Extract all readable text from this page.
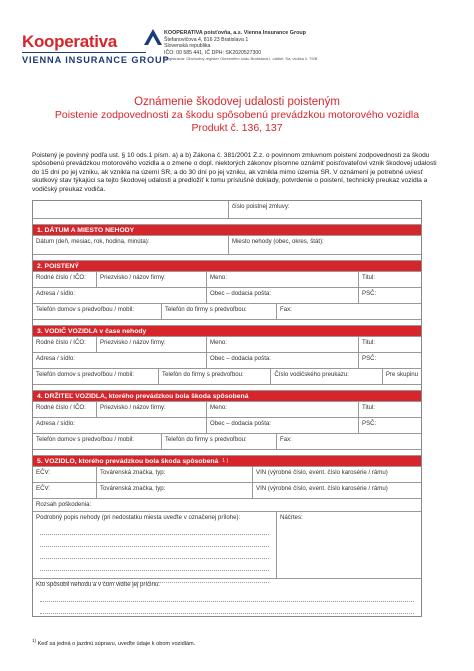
Kooperativa
VIENNA INSURANCE GROUP
KOOPERATIVA poisťovňa, a.s. Vienna Insurance Group
Štefanovičova 4, 816 23 Bratislava 1
Slovenská republika
IČO: 00 585 441, IČ DPH: SK2020527300
Registrácia: Obchodný register Okresného súdu Bratislava I, oddiel: Sa, vložka č. 79/B
Oznámenie škodovej udalosti poisteným
Poistenie zodpovednosti za škodu spôsobenú prevádzkou motorového vozidla
Produkt č. 136, 137
Poistený je povinný podľa ust. § 10 ods.1 písm. a) a b) Zákona č. 381/2001 Z.z. o povinnom zmluvnom poistení zodpovednosti za škodu spôsobenú prevádzkou motorového vozidla a o zmene o dopl. niektorých zákonov písomne oznámiť poisťovateľovi vznik škodovej udalosti do 15 dní po jej vzniku, ak vznikla na území SR, a do 30 dní po jej vzniku, ak vznikla mimo územia SR. V oznámení je potrebné uviesť skutkový stav týkajúci sa tejto škodovej udalosti a predložiť k tomu príslušné doklady, potvrdenie o poistení, technický preukaz vozidla a vodičský preukaz vodiča.
číslo poistnej zmluvy:
1. DÁTUM A MIESTO NEHODY
Dátum (deň, mesiac, rok, hodina, minúta):	Miesto nehody (obec, okres, štát):
2. POISTENÝ
Rodné číslo / IČO:	Priezvisko / názov firmy:	Meno:	Titul:
Adresa / sídlo:	Obec – dodacia pošta:	PSČ:
Telefón domov s predvoľbou / mobil:	Telefón do firmy s predvoľbou:	Fax:
3. VODIČ VOZIDLA v čase nehody
Rodné číslo / IČO:	Priezvisko / názov firmy:	Meno:	Titul:
Adresa / sídlo:	Obec – dodacia pošta:	PSČ:
Telefón domov s predvoľbou / mobil:	Telefón do firmy s predvoľbou:	Číslo vodičského preukazu:	Pre skupinu
4. DRŽITEĽ VOZIDLA, ktorého prevádzkou bola škoda spôsobená
Rodné číslo / IČO:	Priezvisko / názov firmy:	Meno:	Titul:
Adresa / sídlo:	Obec – dodacia pošta:	PSČ:
Telefón domov s predvoľbou / mobil:	Telefón do firmy s predvoľbou:	Fax:
5. VOZIDLO, ktorého prevádzkou bola škoda spôsobená $^{1 )}$
EČV:	Továrenská značka, typ:	VIN (výrobné číslo, event. číslo karosérie / rámu)
EČV:	Továrenská značka, typ:	VIN (výrobné číslo, event. číslo karosérie / rámu)
Rozsah poškodenia:
Podrobný popis nehody (pri nedostatku miesta uveďte v označenej prílohe):	Náčrtes:
Kto spôsobil nehodu a v čom vidíte jej príčinu:
$^{1)}$ Keď sa jedná o jazdnú súpravu, uveďte údaje k obom vozidlám.
